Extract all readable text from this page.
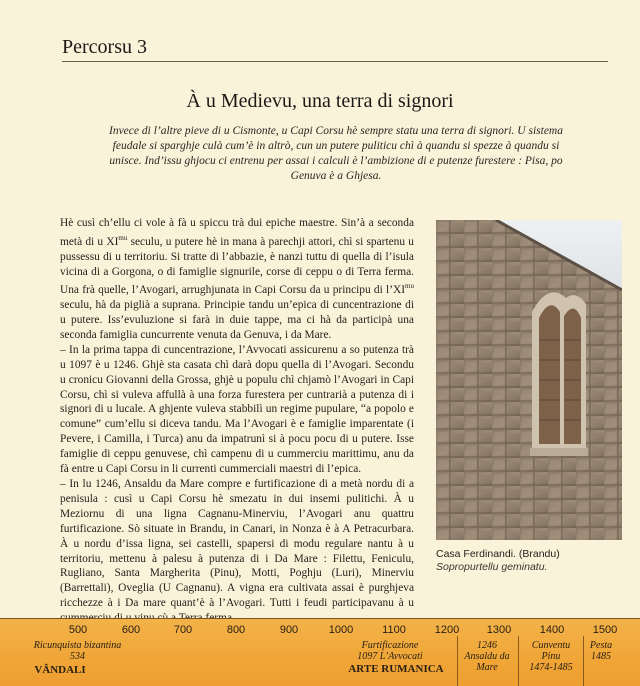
Percorsu 3
À u Medievu, una terra di signori
Invece di l’altre pieve di u Cismonte, u Capi Corsu hè sempre statu una terra di signori. U sistema feudale si sparghje culà cum’è in altrò, cun un putere puliticu chì à quandu si spezze à quandu si unisce. Ind’issu ghjocu ci entrenu per assai i calculi è l’ambizione di e putenze furestere : Pisa, po Genuva è a Ghjesa.

Hè cusì ch’ellu ci vole à fà u spiccu trà dui epiche maestre. Sin’à a seconda metà di u $XI^{mu}$ seculu, u putere hè in mana à parechji attori, chì si spartenu u pussessu di u territoriu. Si tratte di l’abbazie, è nanzi tuttu di quella di l’isula vicina di a Gorgona, o di famiglie signurile, corse di ceppu o di Terra ferma. Una frà quelle, l’Avogari, arrughjunata in Capi Corsu da u principu di $l’XI^{mu}$ seculu, hà da piglià a suprana. Principie tandu un’epica di cuncentrazione di u putere. Iss’evuluzione si farà in duie tappe, ma ci hà da participà una seconda famiglia cuncurrente venuta da Genuva, i da Mare.

– In la prima tappa di cuncentrazione, l’Avvocati assicurenu a so putenza trà u 1097 è u 1246. Ghjè sta casata chì darà dopu quella di l’Avogari. Secondu u cronicu Giovanni della Grossa, ghjè u populu chì chjamò l’Avogari in Capi Corsu, chì si vuleva affullà à una forza furestera per cuntrarià a putenza di i signori di u lucale. A ghjente vuleva stabbilì un regime pupulare, “a popolo e comune” cum’ellu si diceva tandu. Ma l’Avogari è e famiglie imparentate (i Pevere, i Camilla, i Turca) anu da impatrunì si à pocu pocu di u putere. Isse famiglie di ceppu genuvese, chì campenu di u cummerciu marittimu, anu da fà entre u Capi Corsu in li currenti cummerciali maestri di l’epica.

– In lu 1246, Ansaldu da Mare compre e furtificazione di a metà nordu di a penisula : cusì u Capi Corsu hè smezatu in dui insemi pulitichi. À u Meziornu di una ligna Cagnanu-Minerviu, l’Avogari anu quattru furtificazione. Sò situate in Brandu, in Canari, in Nonza è à A Petracurbara. À u nordu d’issa ligna, sei castelli, spapersi di modu regulare nantu à u territoriu, mettenu à palesu à putenza di i Da Mare : Filettu, Feniculu, Rugliano, Santa Margherita (Pinu), Motti, Poghju (Luri), Minerviu (Barrettali), Oveglia (U Cagnanu). A vigna era cultivata assai è purghjeva ricchezze à i Da mare quant’è à l’Avogari. Tutti i feudi participavanu à u

Casa Ferdinandi. (Brandu)
Sopropurtellu geminatu.
500	600	700	800	900	1000	1100	1200	1300	1400	1500
Ricunquista bizantina
534
VÂNDALI
Furtificazione
1097 L’Avvocati
ARTE RUMANICA
1246
Ansaldu da
Mare
Cunventu
Pinu
1474-1485
Pesta
1485
